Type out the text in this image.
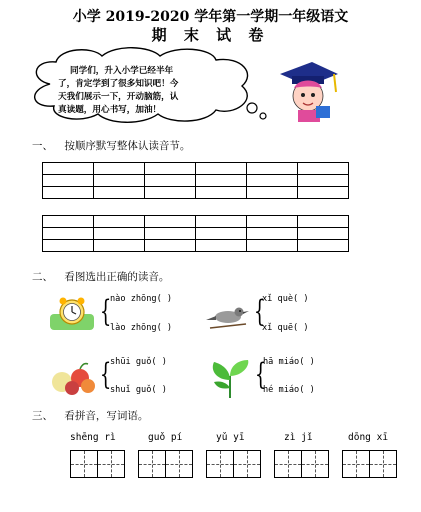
小学 2019-2020 学年第一学期一年级语文
期 末 试 卷
同学们，升入小学已经半年
了，肯定学到了很多知识吧！今
天我们展示一下，开动脑筋，认
真读题，用心书写，加油！
一、 按顺序默写整体认读音节。

二、 看图选出正确的读音。
{
nào zhōng( )
lào zhōng( )	{
xǐ què( )
xǐ quē( )
{
shūi guǒ( )
shuǐ guǒ( )	{
hā miáo( )
hé miáo( )
三、 看拼音，写词语。
shēng rì	guǒ pí	yǔ yī	zì jǐ	dōng xī
